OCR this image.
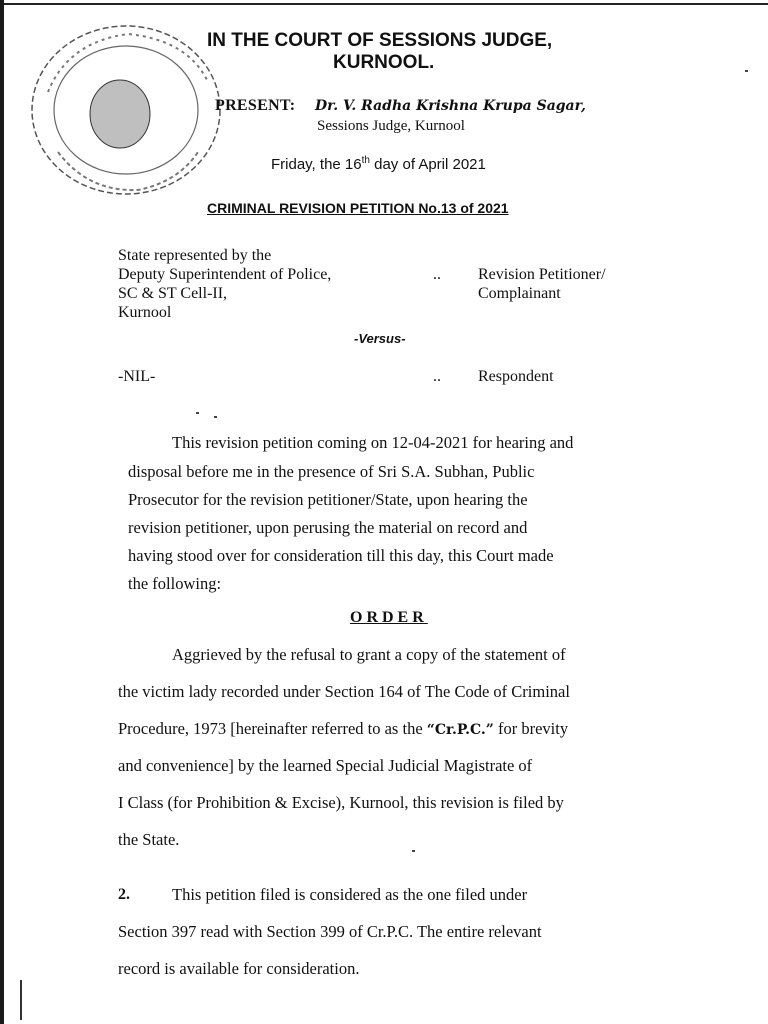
IN THE COURT OF SESSIONS JUDGE,
KURNOOL.
PRESENT: Dr. V. Radha Krishna Krupa Sagar,
Sessions Judge, Kurnool
Friday, the 16th day of April 2021
CRIMINAL REVISION PETITION No.13 of 2021
State represented by the
Deputy Superintendent of Police,
SC & ST Cell-II,
Kurnool
.. Revision Petitioner/
Complainant
-Versus-
-NIL-	.. Respondent
This revision petition coming on 12-04-2021 for hearing and
disposal before me in the presence of Sri S.A. Subhan, Public
Prosecutor for the revision petitioner/State, upon hearing the
revision petitioner, upon perusing the material on record and
having stood over for consideration till this day, this Court made
the following:
ORDER
Aggrieved by the refusal to grant a copy of the statement of
the victim lady recorded under Section 164 of The Code of Criminal
Procedure, 1973 [hereinafter referred to as the “Cr.P.C.” for brevity
and convenience] by the learned Special Judicial Magistrate of
I Class (for Prohibition & Excise), Kurnool, this revision is filed by
the State.
2.	This petition filed is considered as the one filed under
Section 397 read with Section 399 of Cr.P.C. The entire relevant
record is available for consideration.
